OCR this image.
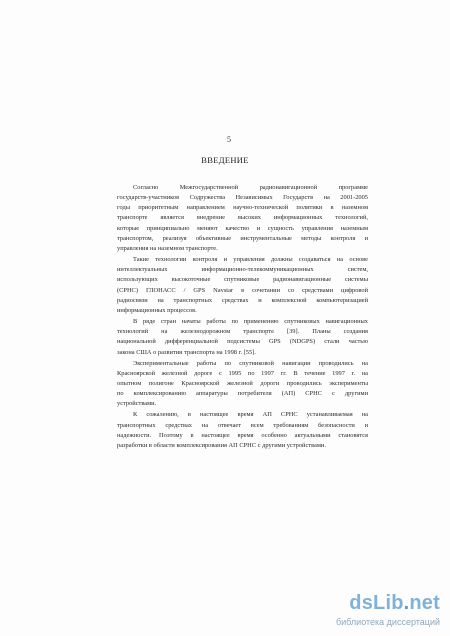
5
ВВЕДЕНИЕ

Согласно Межгосударственной радионавигационной программе
государств-участников Содружества Независимых Государств на 2001-2005
годы приоритетным направлением научно-технической политики в наземном
транспорте является внедрение высоких информационных технологий,
которые принципиально меняют качество и сущность управления наземным
транспортом, реализуя объективные инструментальные методы контроля и
управления на наземном транспорте.

Такие технологии контроля и управления должны создаваться на основе
интеллектуальных информационно-телекоммуникационных систем,
использующих высокоточные спутниковые радионавигационные системы
(СРНС) ГЛОНАСС / GPS Navstar в сочетании со средствами цифровой
радиосвязи на транспортных средствах и комплексной компьютеризацией
информационных процессов.

В ряде стран начаты работы по применению спутниковых навигационных
технологий на железнодорожном транспорте [39]. Планы создания
национальной дифференциальной подсистемы GPS (NDGPS) стали частью
закона США о развитии транспорта на 1998 г. [55].

Экспериментальные работы по спутниковой навигации проводились на
Красноярской железной дороге с 1995 по 1997 гг. В течение 1997 г. на
опытном полигоне Красноярской железной дороги проводились эксперименты
по комплексированию аппаратуры потребителя (АП) СРНС с другими
устройствами.

К сожалению, в настоящее время АП СРНС устанавливаемая на
транспортных средствах на отвечает всем требованиям безопасности и
надежности. Поэтому в настоящее время особенно актуальными становятся
разработки в области комплексирования АП СРНС с другими устройствами.

dsLib.net
библиотека диссертаций
